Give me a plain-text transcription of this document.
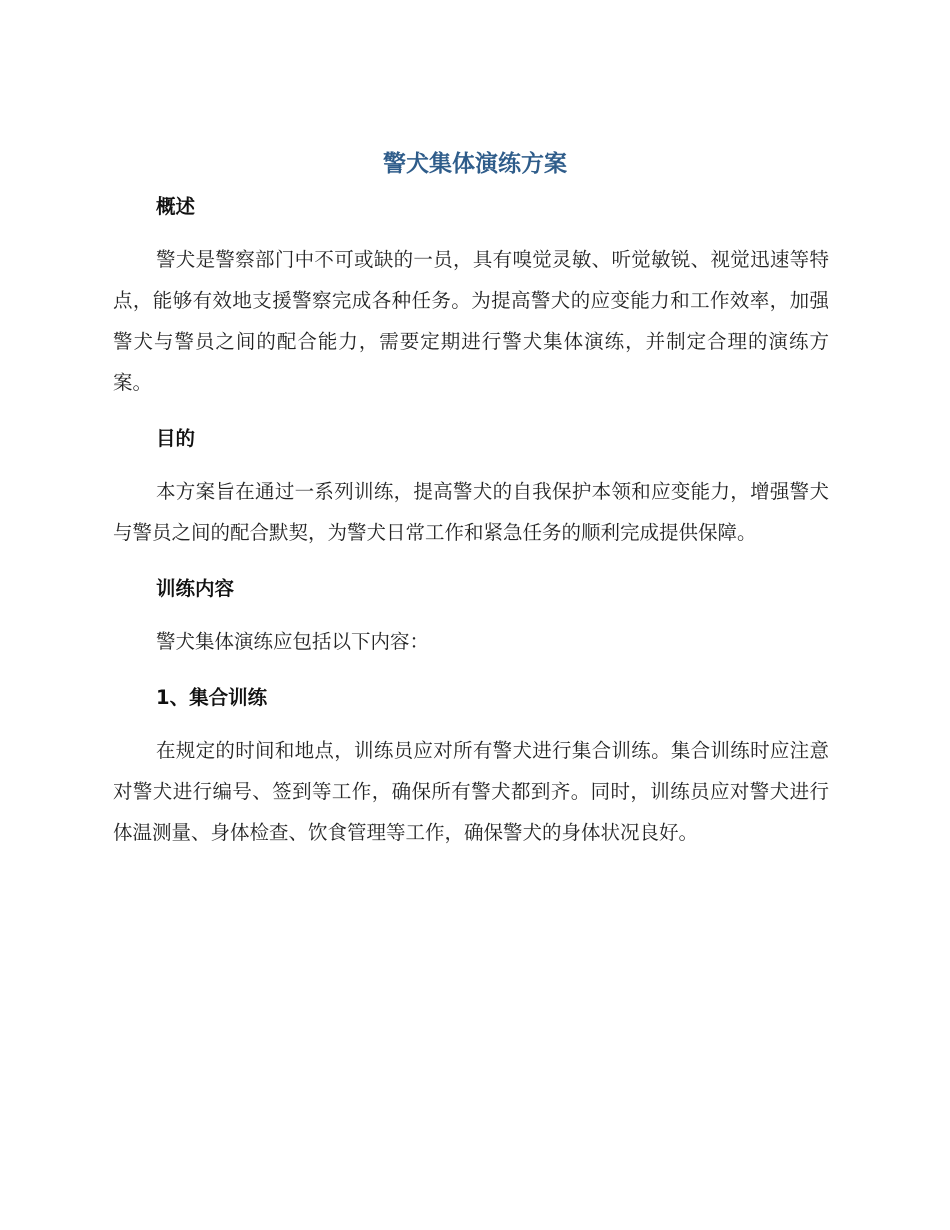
警犬集体演练方案
概述

警犬是警察部门中不可或缺的一员，具有嗅觉灵敏、听觉敏锐、视觉迅速等特点，能够有效地支援警察完成各种任务。为提高警犬的应变能力和工作效率，加强警犬与警员之间的配合能力，需要定期进行警犬集体演练，并制定合理的演练方案。

目的

本方案旨在通过一系列训练，提高警犬的自我保护本领和应变能力，增强警犬与警员之间的配合默契，为警犬日常工作和紧急任务的顺利完成提供保障。

训练内容

警犬集体演练应包括以下内容：

1、集合训练

在规定的时间和地点，训练员应对所有警犬进行集合训练。集合训练时应注意对警犬进行编号、签到等工作，确保所有警犬都到齐。同时，训练员应对警犬进行体温测量、身体检查、饮食管理等工作，确保警犬的身体状况良好。
